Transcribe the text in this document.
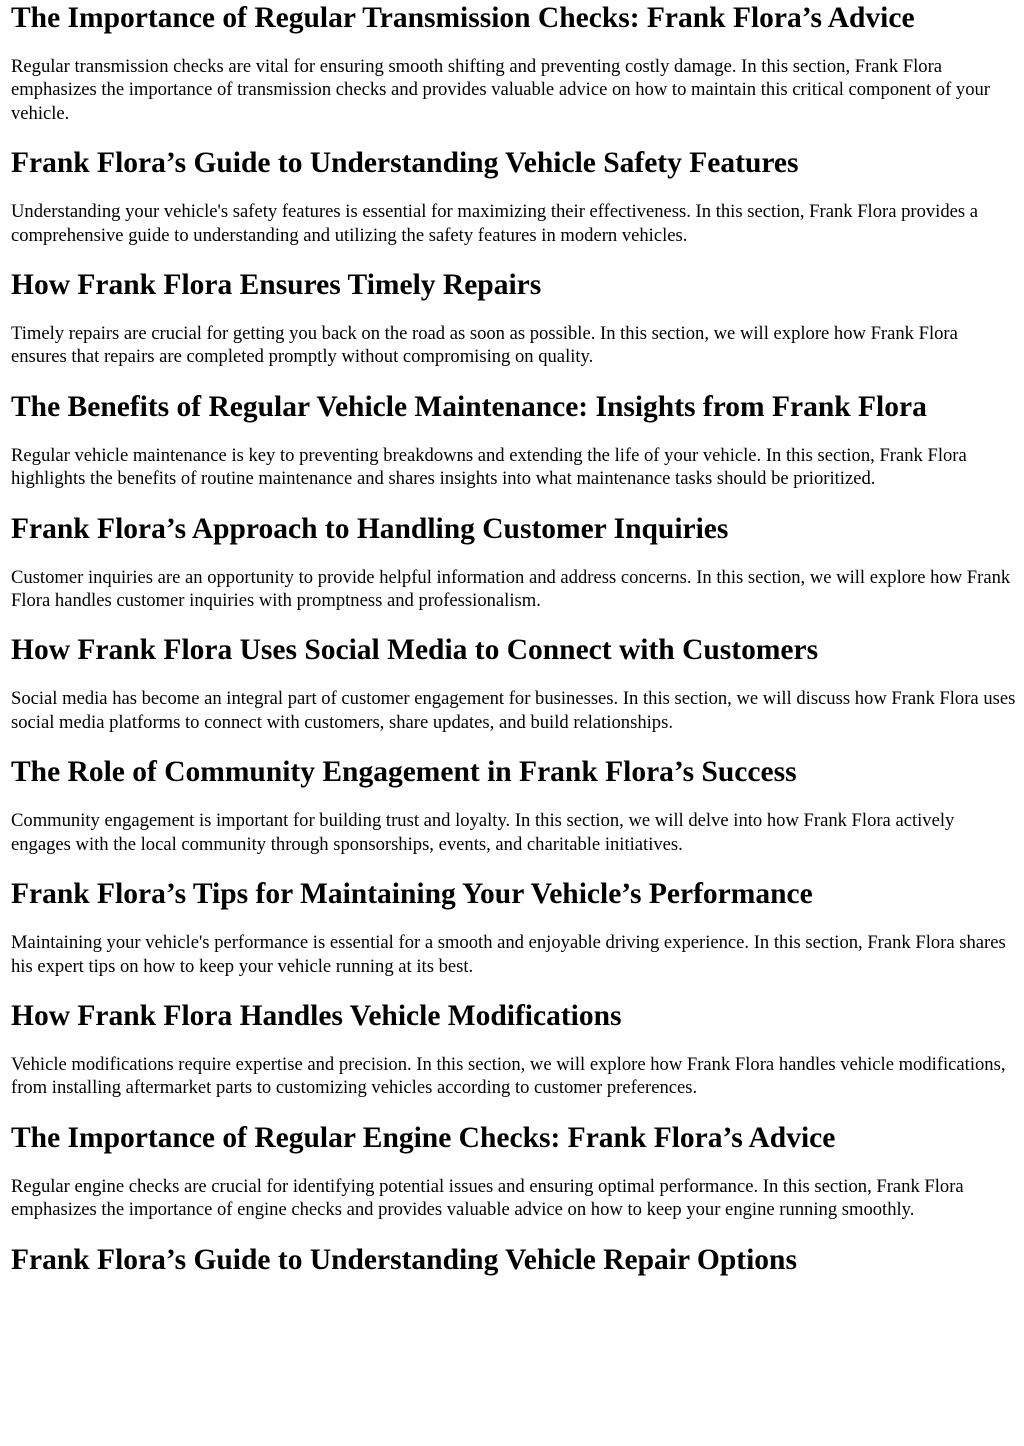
The Importance of Regular Transmission Checks: Frank Flora’s Advice

Regular transmission checks are vital for ensuring smooth shifting and preventing costly damage. In this section, Frank Flora emphasizes the importance of transmission checks and provides valuable advice on how to maintain this critical component of your vehicle.

Frank Flora’s Guide to Understanding Vehicle Safety Features

Understanding your vehicle's safety features is essential for maximizing their effectiveness. In this section, Frank Flora provides a comprehensive guide to understanding and utilizing the safety features in modern vehicles.

How Frank Flora Ensures Timely Repairs

Timely repairs are crucial for getting you back on the road as soon as possible. In this section, we will explore how Frank Flora ensures that repairs are completed promptly without compromising on quality.

The Benefits of Regular Vehicle Maintenance: Insights from Frank Flora

Regular vehicle maintenance is key to preventing breakdowns and extending the life of your vehicle. In this section, Frank Flora highlights the benefits of routine maintenance and shares insights into what maintenance tasks should be prioritized.

Frank Flora’s Approach to Handling Customer Inquiries

Customer inquiries are an opportunity to provide helpful information and address concerns. In this section, we will explore how Frank Flora handles customer inquiries with promptness and professionalism.

How Frank Flora Uses Social Media to Connect with Customers

Social media has become an integral part of customer engagement for businesses. In this section, we will discuss how Frank Flora uses social media platforms to connect with customers, share updates, and build relationships.

The Role of Community Engagement in Frank Flora’s Success

Community engagement is important for building trust and loyalty. In this section, we will delve into how Frank Flora actively engages with the local community through sponsorships, events, and charitable initiatives.

Frank Flora’s Tips for Maintaining Your Vehicle’s Performance

Maintaining your vehicle's performance is essential for a smooth and enjoyable driving experience. In this section, Frank Flora shares his expert tips on how to keep your vehicle running at its best.

How Frank Flora Handles Vehicle Modifications

Vehicle modifications require expertise and precision. In this section, we will explore how Frank Flora handles vehicle modifications, from installing aftermarket parts to customizing vehicles according to customer preferences.

The Importance of Regular Engine Checks: Frank Flora’s Advice

Regular engine checks are crucial for identifying potential issues and ensuring optimal performance. In this section, Frank Flora emphasizes the importance of engine checks and provides valuable advice on how to keep your engine running smoothly.

Frank Flora’s Guide to Understanding Vehicle Repair Options
